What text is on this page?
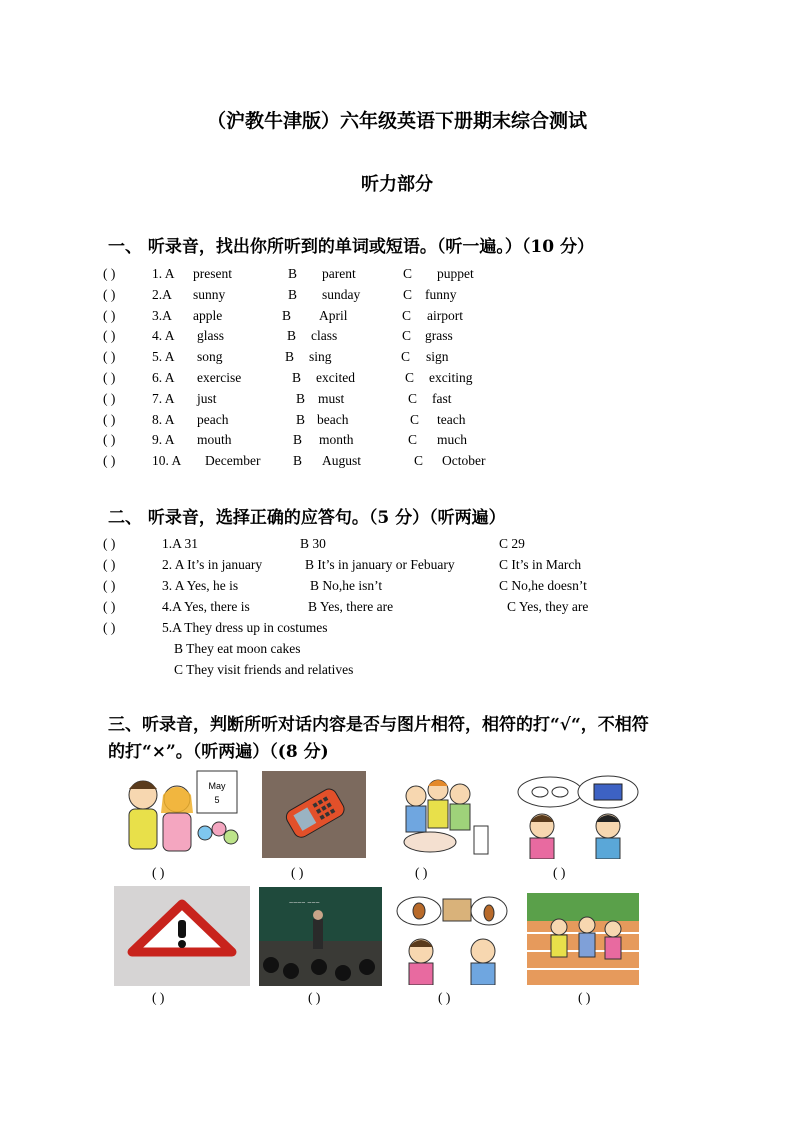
（沪教牛津版）六年级英语下册期末综合测试
听力部分
一、 听录音，找出你所听到的单词或短语。（听一遍。）（10 分）
( )	1. A present	B parent	C puppet
( )	2.A sunny	B sunday	C funny
( )	3.A apple	B April	C airport
( )	4. A glass	B class	C grass
( )	5. A song	B sing	C sign
( )	6. A exercise	B excited	C exciting
( )	7. A just	B must	C fast
( )	8. A peach	B beach	C teach
( )	9. A mouth	B month	C much
( )	10. A December B August	C October
二、 听录音，选择正确的应答句。（5 分）（听两遍）
( )	1.A 31	B 30	C 29
( )	2. A It’s in january	B It’s in january or Febuary	C It’s in March
( )	3. A Yes, he is	B No,he isn’t	C No,he doesn’t
( )	4.A Yes, there is	B Yes, there are	C Yes, they are
( )	5.A They dress up in costumes
B They eat moon cakes
C They visit friends and relatives
三、听录音，判断所听对话内容是否与图片相符，相符的打“√“，不相符
的打“×”。（听两遍）（(8 分)
May
5
( )	( )	( )	( )
~~~~ ~~~
( )	( )	( )	( )
